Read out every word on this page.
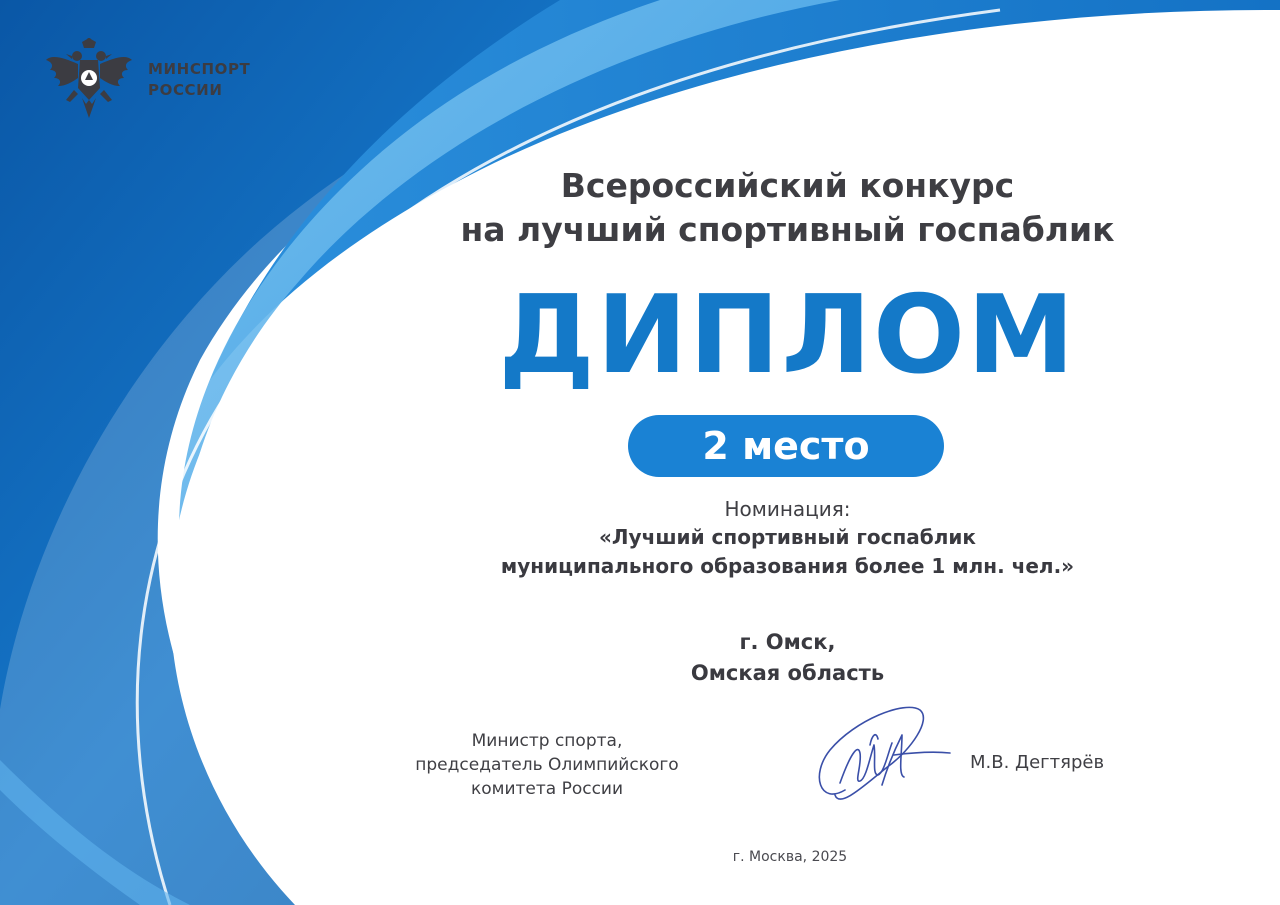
МИНСПОРТ
РОССИИ
Всероссийский конкурс
на лучший спортивный госпаблик
ДИПЛОМ
2 место
Номинация:
«Лучший спортивный госпаблик
муниципального образования более 1 млн. чел.»
г. Омск,
Омская область
Министр спорта,
председатель Олимпийского
комитета России
М.В. Дегтярёв
г. Москва, 2025
